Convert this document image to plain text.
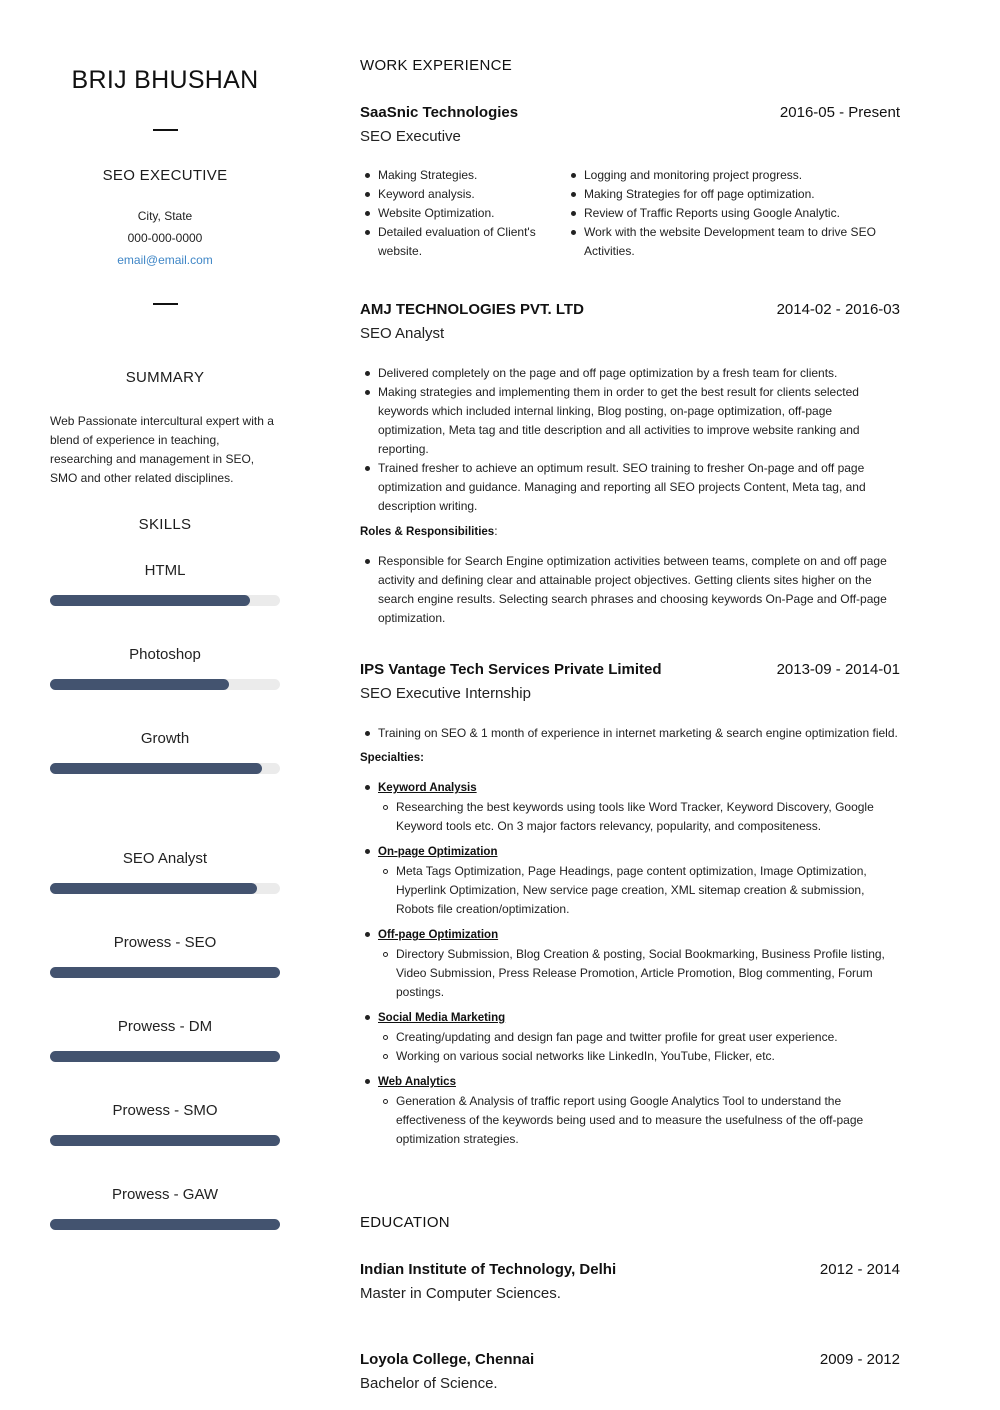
BRIJ BHUSHAN
SEO EXECUTIVE
City, State
000-000-0000
email@email.com
SUMMARY
Web Passionate intercultural expert with a blend of experience in teaching, researching and management in SEO, SMO and other related disciplines.
SKILLS
HTML
Photoshop
Growth
SEO Analyst
Prowess - SEO
Prowess - DM
Prowess - SMO
Prowess - GAW
WORK EXPERIENCE
SaaSnic Technologies	2016-05 - Present
SEO Executive
Making Strategies.
Keyword analysis.
Website Optimization.
Detailed evaluation of Client's website.
Logging and monitoring project progress.
Making Strategies for off page optimization.
Review of Traffic Reports using Google Analytic.
Work with the website Development team to drive SEO Activities.
AMJ TECHNOLOGIES PVT. LTD	2014-02 - 2016-03
SEO Analyst
Delivered completely on the page and off page optimization by a fresh team for clients.
Making strategies and implementing them in order to get the best result for clients selected keywords which included internal linking, Blog posting, on-page optimization, off-page optimization, Meta tag and title description and all activities to improve website ranking and reporting.
Trained fresher to achieve an optimum result. SEO training to fresher On-page and off page optimization and guidance. Managing and reporting all SEO projects Content, Meta tag, and description writing.
Roles & Responsibilities:
Responsible for Search Engine optimization activities between teams, complete on and off page activity and defining clear and attainable project objectives. Getting clients sites higher on the search engine results. Selecting search phrases and choosing keywords On-Page and Off-page optimization.
IPS Vantage Tech Services Private Limited	2013-09 - 2014-01
SEO Executive Internship
Training on SEO & 1 month of experience in internet marketing & search engine optimization field.
Specialties:
Keyword Analysis
Researching the best keywords using tools like Word Tracker, Keyword Discovery, Google Keyword tools etc. On 3 major factors relevancy, popularity, and compositeness.
On-page Optimization
Meta Tags Optimization, Page Headings, page content optimization, Image Optimization, Hyperlink Optimization, New service page creation, XML sitemap creation & submission, Robots file creation/optimization.
Off-page Optimization
Directory Submission, Blog Creation & posting, Social Bookmarking, Business Profile listing, Video Submission, Press Release Promotion, Article Promotion, Blog commenting, Forum postings.
Social Media Marketing
Creating/updating and design fan page and twitter profile for great user experience.
Working on various social networks like LinkedIn, YouTube, Flicker, etc.
Web Analytics
Generation & Analysis of traffic report using Google Analytics Tool to understand the effectiveness of the keywords being used and to measure the usefulness of the off-page optimization strategies.
EDUCATION
Indian Institute of Technology, Delhi	2012 - 2014
Master in Computer Sciences.
Loyola College, Chennai	2009 - 2012
Bachelor of Science.
